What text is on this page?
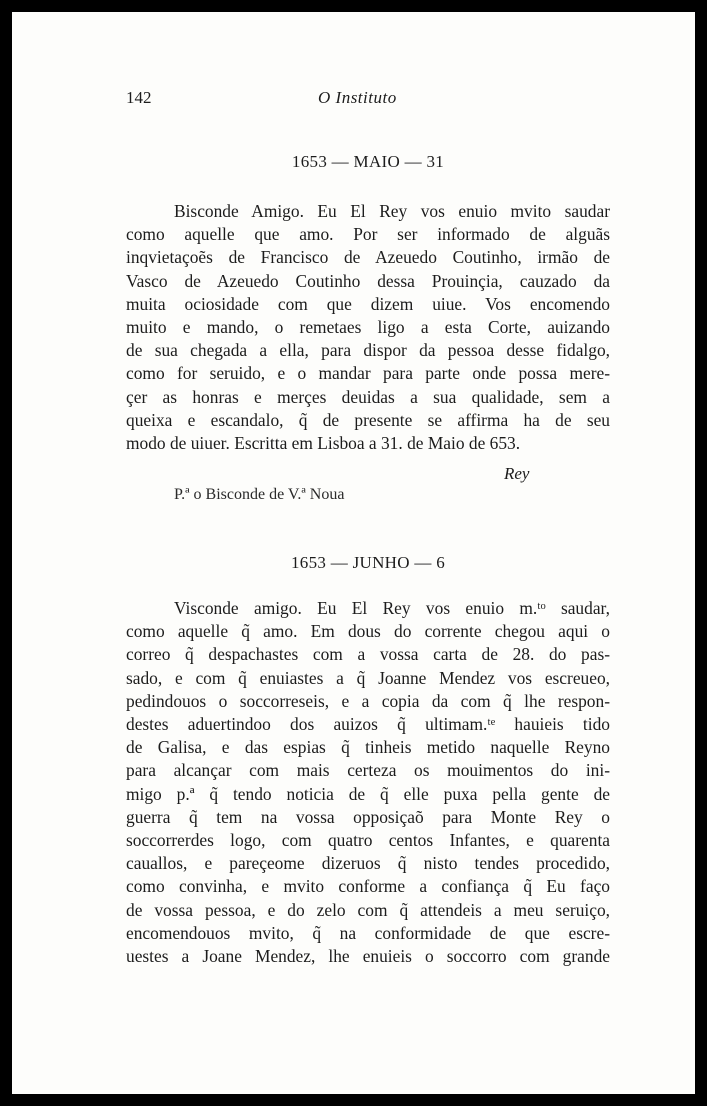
142	O Instituto
1653 — MAIO — 31
Bisconde Amigo. Eu El Rey vos enuio mvito saudar
como aquelle que amo. Por ser informado de alguãs
inqvietaçoẽs de Francisco de Azeuedo Coutinho, irmão de
Vasco de Azeuedo Coutinho dessa Prouinçia, cauzado da
muita ociosidade com que dizem uiue. Vos encomendo
muito e mando, o remetaes ligo a esta Corte, auizando
de sua chegada a ella, para dispor da pessoa desse fidalgo,
como for seruido, e o mandar para parte onde possa mere-
çer as honras e merçes deuidas a sua qualidade, sem a
queixa e escandalo, q̃ de presente se affirma ha de seu
modo de uiuer. Escritta em Lisboa a 31. de Maio de 653.
Rey
P.ª o Bisconde de V.ª Noua
1653 — JUNHO — 6
Visconde amigo. Eu El Rey vos enuio m.ᵗᵒ saudar,
como aquelle q̃ amo. Em dous do corrente chegou aqui o
correo q̃ despachastes com a vossa carta de 28. do pas-
sado, e com q̃ enuiastes a q̃ Joanne Mendez vos escreueo,
pedindouos o soccorreseis, e a copia da com q̃ lhe respon-
destes aduertindoo dos auizos q̃ ultimam.ᵗᵉ hauieis tido
de Galisa, e das espias q̃ tinheis metido naquelle Reyno
para alcançar com mais certeza os mouimentos do ini-
migo p.ª q̃ tendo noticia de q̃ elle puxa pella gente de
guerra q̃ tem na vossa opposiçaõ para Monte Rey o
soccorrerdes logo, com quatro centos Infantes, e quarenta
cauallos, e pareçeome dizeruos q̃ nisto tendes procedido,
como convinha, e mvito conforme a confiança q̃ Eu faço
de vossa pessoa, e do zelo com q̃ attendeis a meu seruiço,
encomendouos mvito, q̃ na conformidade de que escre-
uestes a Joane Mendez, lhe enuieis o soccorro com grande
